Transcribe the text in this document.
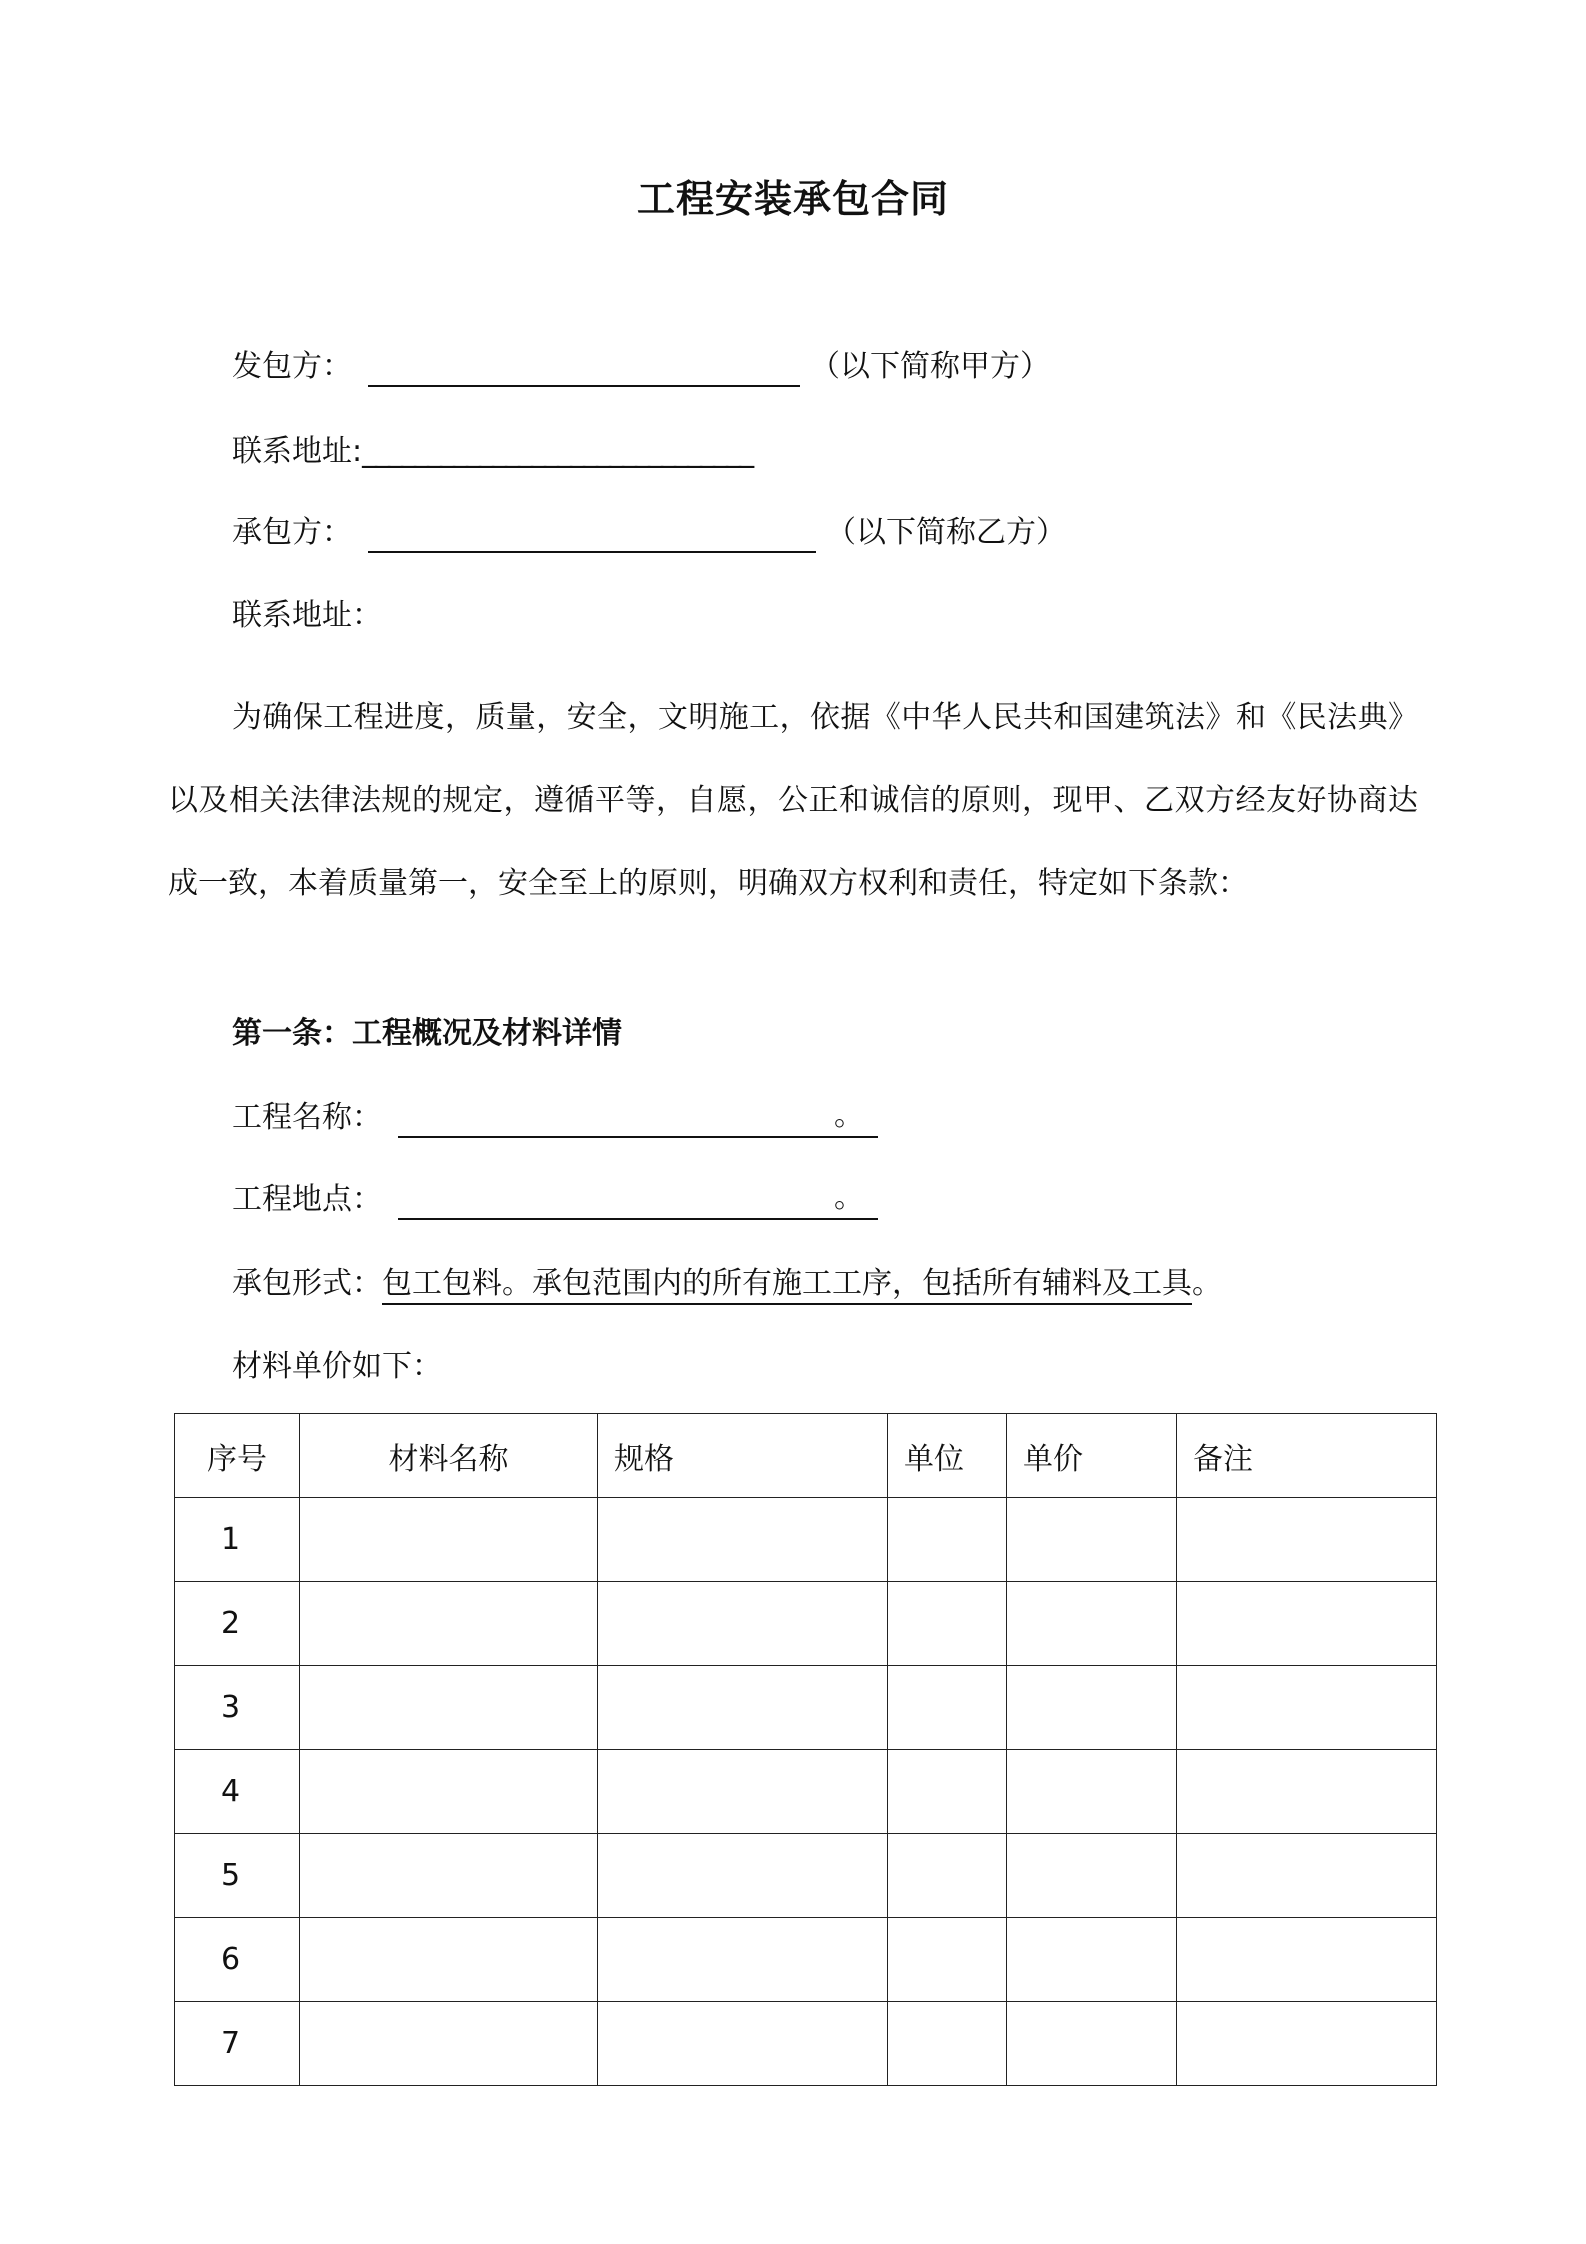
工程安装承包合同
发包方：	（以下简称甲方）
联系地址:______________________________
承包方：	（以下简称乙方）
联系地址：
为确保工程进度，质量，安全，文明施工，依据《中华人民共和国建筑法》和《民法典》以及相关法律法规的规定，遵循平等，自愿，公正和诚信的原则，现甲、乙双方经友好协商达成一致，本着质量第一，安全至上的原则，明确双方权利和责任，特定如下条款：
第一条：工程概况及材料详情
工程名称：	。
工程地点：	。
承包形式：包工包料。承包范围内的所有施工工序，包括所有辅料及工具。
材料单价如下：
序号	材料名称	规格	单位	单价	备注
1					
2					
3					
4					
5					
6					
7					
